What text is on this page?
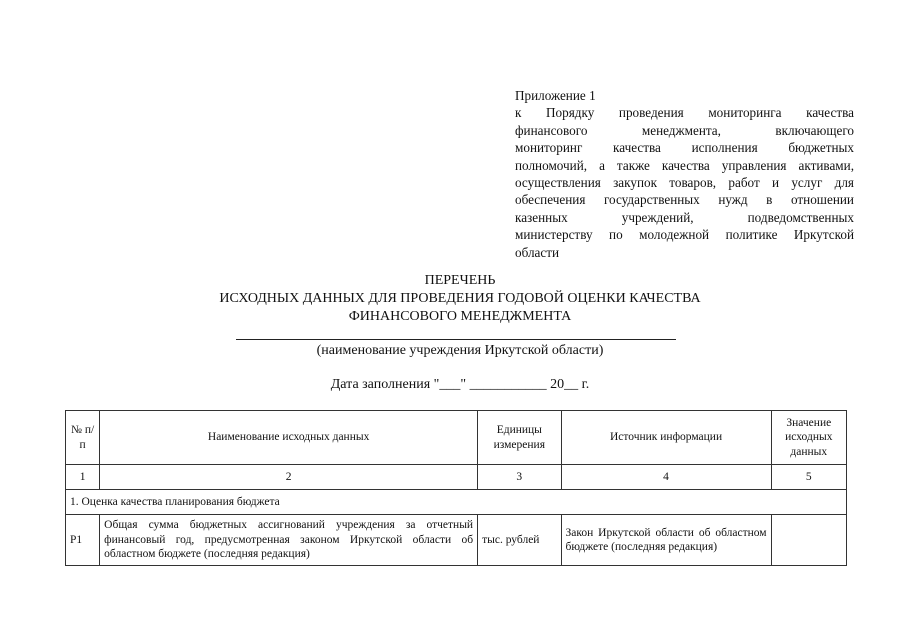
Приложение 1
к Порядку проведения мониторинга качества
финансового менеджмента, включающего
мониторинг качества исполнения бюджетных
полномочий, а также качества управления активами,
осуществления закупок товаров, работ и услуг для
обеспечения государственных нужд в отношении
казенных учреждений, подведомственных
министерству по молодежной политике Иркутской
области
ПЕРЕЧЕНЬ
ИСХОДНЫХ ДАННЫХ ДЛЯ ПРОВЕДЕНИЯ ГОДОВОЙ ОЦЕНКИ КАЧЕСТВА
ФИНАНСОВОГО МЕНЕДЖМЕНТА
(наименование учреждения Иркутской области)
Дата заполнения "___" ___________ 20__ г.
№ п/п	Наименование исходных данных	Единицы измерения	Источник информации	Значение исходных данных
1	2	3	4	5
1. Оценка качества планирования бюджета				
P1	Общая сумма бюджетных ассигнований учреждения за отчетный финансовый год, предусмотренная законом Иркутской области об областном бюджете (последняя редакция)	тыс. рублей	Закон Иркутской области об областном бюджете (последняя редакция)	
